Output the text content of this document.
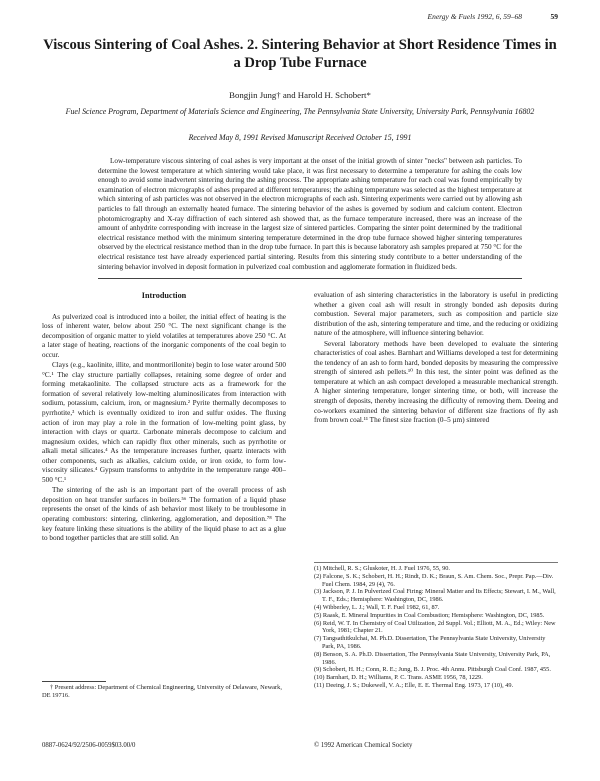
Energy & Fuels 1992, 6, 59–68	59
Viscous Sintering of Coal Ashes. 2. Sintering Behavior at Short Residence Times in a Drop Tube Furnace
Bongjin Jung† and Harold H. Schobert*
Fuel Science Program, Department of Materials Science and Engineering, The Pennsylvania State University, University Park, Pennsylvania 16802
Received May 8, 1991 Revised Manuscript Received October 15, 1991

Low-temperature viscous sintering of coal ashes is very important at the onset of the initial growth of sinter "necks" between ash particles. To determine the lowest temperature at which sintering would take place, it was first necessary to determine a temperature for ashing the coals low enough to avoid some inadvertent sintering during the ashing process. The appropriate ashing temperature for each coal was found empirically by examination of electron micrographs of ashes prepared at different temperatures; the ashing temperature was selected as the highest temperature at which sintering of ash particles was not observed in the electron micrographs of each ash. Sintering experiments were carried out by allowing ash particles to fall through an externally heated furnace. The sintering behavior of the ashes is governed by sodium and calcium content. Electron photomicrography and X-ray diffraction of each sintered ash showed that, as the furnace temperature increased, there was an increase of the amount of anhydrite corresponding with increase in the largest size of sintered particles. Comparing the sinter point determined by the traditional electrical resistance method with the minimum sintering temperature determined in the drop tube furnace showed higher sintering temperatures observed by the electrical resistance method than in the drop tube furnace. In part this is because laboratory ash samples prepared at 750 °C for the electrical resistance test have already experienced partial sintering. Results from this sintering study contribute to a better understanding of the sintering behavior involved in deposit formation in pulverized coal combustion and agglomerate formation in fluidized beds.

Introduction

As pulverized coal is introduced into a boiler, the initial effect of heating is the loss of inherent water, below about 250 °C. The next significant change is the decomposition of organic matter to yield volatiles at temperatures above 250 °C. At a later stage of heating, reactions of the inorganic components of the coal begin to occur.

Clays (e.g., kaolinite, illite, and montmorillonite) begin to lose water around 500 °C.¹ The clay structure partially collapses, retaining some degree of order and forming metakaolinite. The collapsed structure acts as a framework for the formation of several relatively low-melting aluminosilicates from interaction with sodium, potassium, calcium, iron, or magnesium.² Pyrite thermally decomposes to pyrrhotite,³ which is eventually oxidized to iron and sulfur oxides. The fluxing action of iron may play a role in the formation of low-melting point glass, by interaction with clays or quartz. Carbonate minerals decompose to calcium and magnesium oxides, which can rapidly flux other minerals, such as pyrrhotite or alkali metal silicates.⁴ As the temperature increases further, quartz interacts with other components, such as alkalies, calcium oxide, or iron oxide, to form low-viscosity silicates.⁴ Gypsum transforms to anhydrite in the temperature range 400–500 °C.¹

The sintering of the ash is an important part of the overall process of ash deposition on heat transfer surfaces in boilers.⁵⁶ The formation of a liquid phase represents the onset of the kinds of ash behavior most likely to be troublesome in operating combustors: sintering, clinkering, agglomeration, and deposition.⁷⁸ The key feature linking these situations is the ability of the liquid phase to act as a glue to bond together particles that are still solid. An

† Present address: Department of Chemical Engineering, University of Delaware, Newark, DE 19716.

evaluation of ash sintering characteristics in the laboratory is useful in predicting whether a given coal ash will result in strongly bonded ash deposits during combustion. Several major parameters, such as composition and particle size distribution of the ash, sintering temperature and time, and the reducing or oxidizing nature of the atmosphere, will influence sintering behavior.

Several laboratory methods have been developed to evaluate the sintering characteristics of coal ashes. Barnhart and Williams developed a test for determining the tendency of an ash to form hard, bonded deposits by measuring the compressive strength of sintered ash pellets.¹⁰ In this test, the sinter point was defined as the temperature at which an ash compact developed a measurable mechanical strength. A higher sintering temperature, longer sintering time, or both, will increase the strength of deposits, thereby increasing the difficulty of removing them. Deeing and co-workers examined the sintering behavior of different size fractions of fly ash from brown coal.¹¹ The finest size fraction (0–5 µm) sintered

(1) Mitchell, R. S.; Gluskoter, H. J. Fuel 1976, 55, 90.
(2) Falcone, S. K.; Schobert, H. H.; Rindt, D. K.; Braun, S. Am. Chem. Soc., Prepr. Pap.—Div. Fuel Chem. 1984, 29 (4), 76.
(3) Jackson, P. J. In Pulverized Coal Firing: Mineral Matter and Its Effects; Stewart, I. M., Wall, T. F., Eds.; Hemisphere: Washington, DC, 1986.
(4) Wibberley, L. J.; Wall, T. F. Fuel 1982, 61, 87.
(5) Raask, E. Mineral Impurities in Coal Combustion; Hemisphere: Washington, DC, 1985.
(6) Reid, W. T. In Chemistry of Coal Utilization, 2d Suppl. Vol.; Elliott, M. A., Ed.; Wiley: New York, 1981; Chapter 21.
(7) Tangsathitkulchai, M. Ph.D. Dissertation, The Pennsylvania State University, University Park, PA, 1986.
(8) Benson, S. A. Ph.D. Dissertation, The Pennsylvania State University, University Park, PA, 1986.
(9) Schobert, H. H.; Conn, R. E.; Jung, B. J. Proc. 4th Annu. Pittsburgh Coal Conf. 1987, 455.
(10) Barnhart, D. H.; Williams, P. C. Trans. ASME 1956, 78, 1229.
(11) Deeing, J. S.; Dukewell, V. A.; Elle, E. E. Thermal Eng. 1973, 17 (10), 49.
0887-0624/92/2506-0059$03.00/0	© 1992 American Chemical Society
